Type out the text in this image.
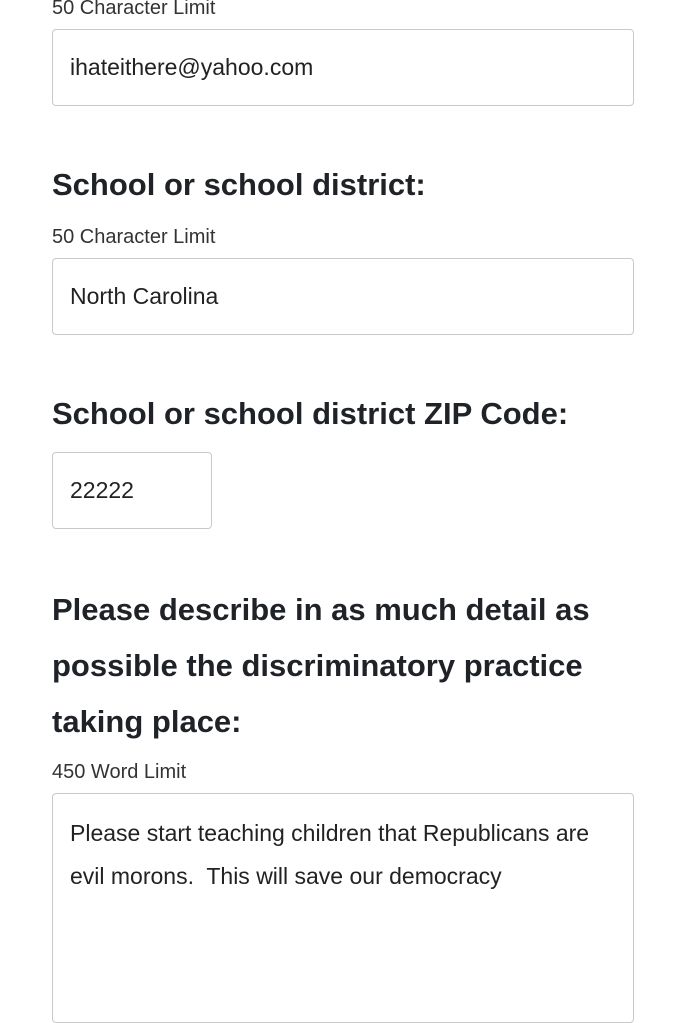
50 Character Limit
ihateithere@yahoo.com
School or school district:
50 Character Limit
North Carolina
School or school district ZIP Code:
22222
Please describe in as much detail as possible the discriminatory practice taking place:
450 Word Limit
Please start teaching children that Republicans are evil morons. This will save our democracy
